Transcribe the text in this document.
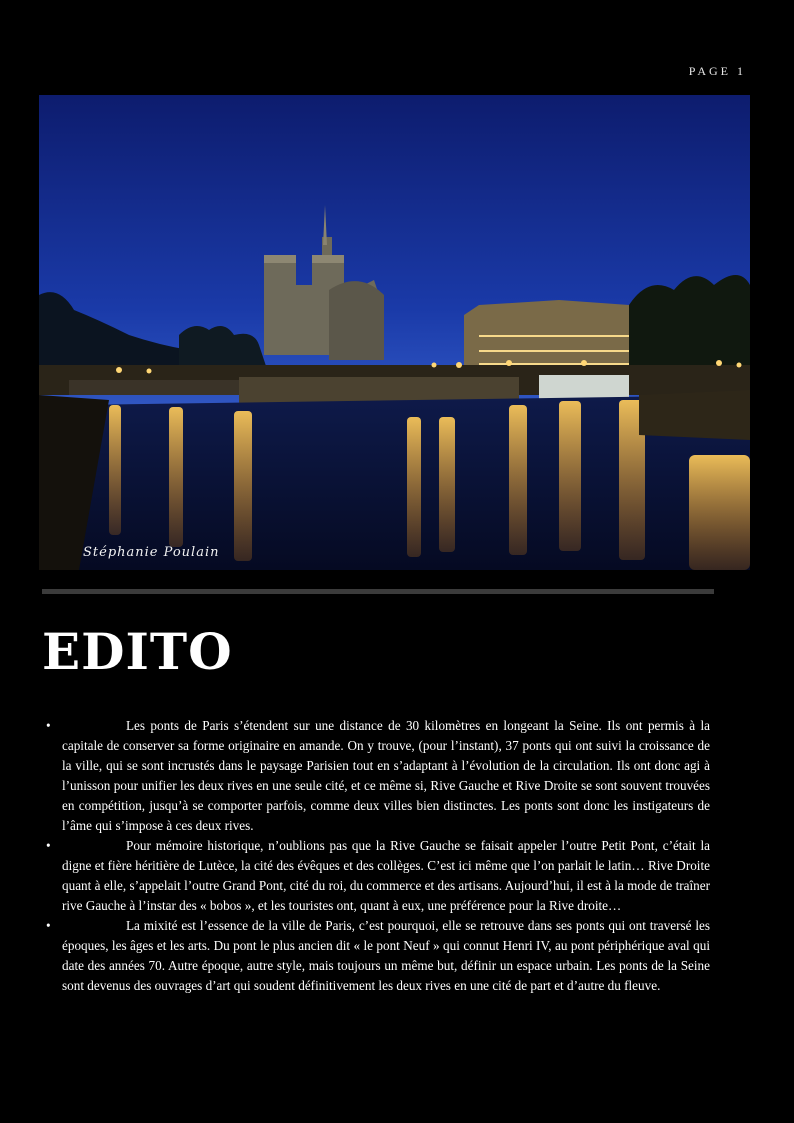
PAGE 1
Stéphanie Poulain
EDITO
• Les ponts de Paris s’étendent sur une distance de 30 kilomètres en longeant la Seine. Ils ont permis à la capitale de conserver sa forme originaire en amande. On y trouve, (pour l’instant), 37 ponts qui ont suivi la croissance de la ville, qui se sont incrustés dans le paysage Parisien tout en s’adaptant à l’évolution de la circulation. Ils ont donc agi à l’unisson pour unifier les deux rives en une seule cité, et ce même si, Rive Gauche et Rive Droite se sont souvent trouvées en compétition, jusqu’à se comporter parfois, comme deux villes bien distinctes. Les ponts sont donc les instigateurs de l’âme qui s’impose à ces deux rives.
• Pour mémoire historique, n’oublions pas que la Rive Gauche se faisait appeler l’outre Petit Pont, c’était la digne et fière héritière de Lutèce, la cité des évêques et des collèges. C’est ici même que l’on parlait le latin… Rive Droite quant à elle, s’appelait l’outre Grand Pont, cité du roi, du commerce et des artisans. Aujourd’hui, il est à la mode de traîner rive Gauche à l’instar des « bobos », et les touristes ont, quant à eux, une préférence pour la Rive droite…
• La mixité est l’essence de la ville de Paris, c’est pourquoi, elle se retrouve dans ses ponts qui ont traversé les époques, les âges et les arts. Du pont le plus ancien dit « le pont Neuf » qui connut Henri IV, au pont périphérique aval qui date des années 70. Autre époque, autre style, mais toujours un même but, définir un espace urbain. Les ponts de la Seine sont devenus des ouvrages d’art qui soudent définitivement les deux rives en une cité de part et d’autre du fleuve.
